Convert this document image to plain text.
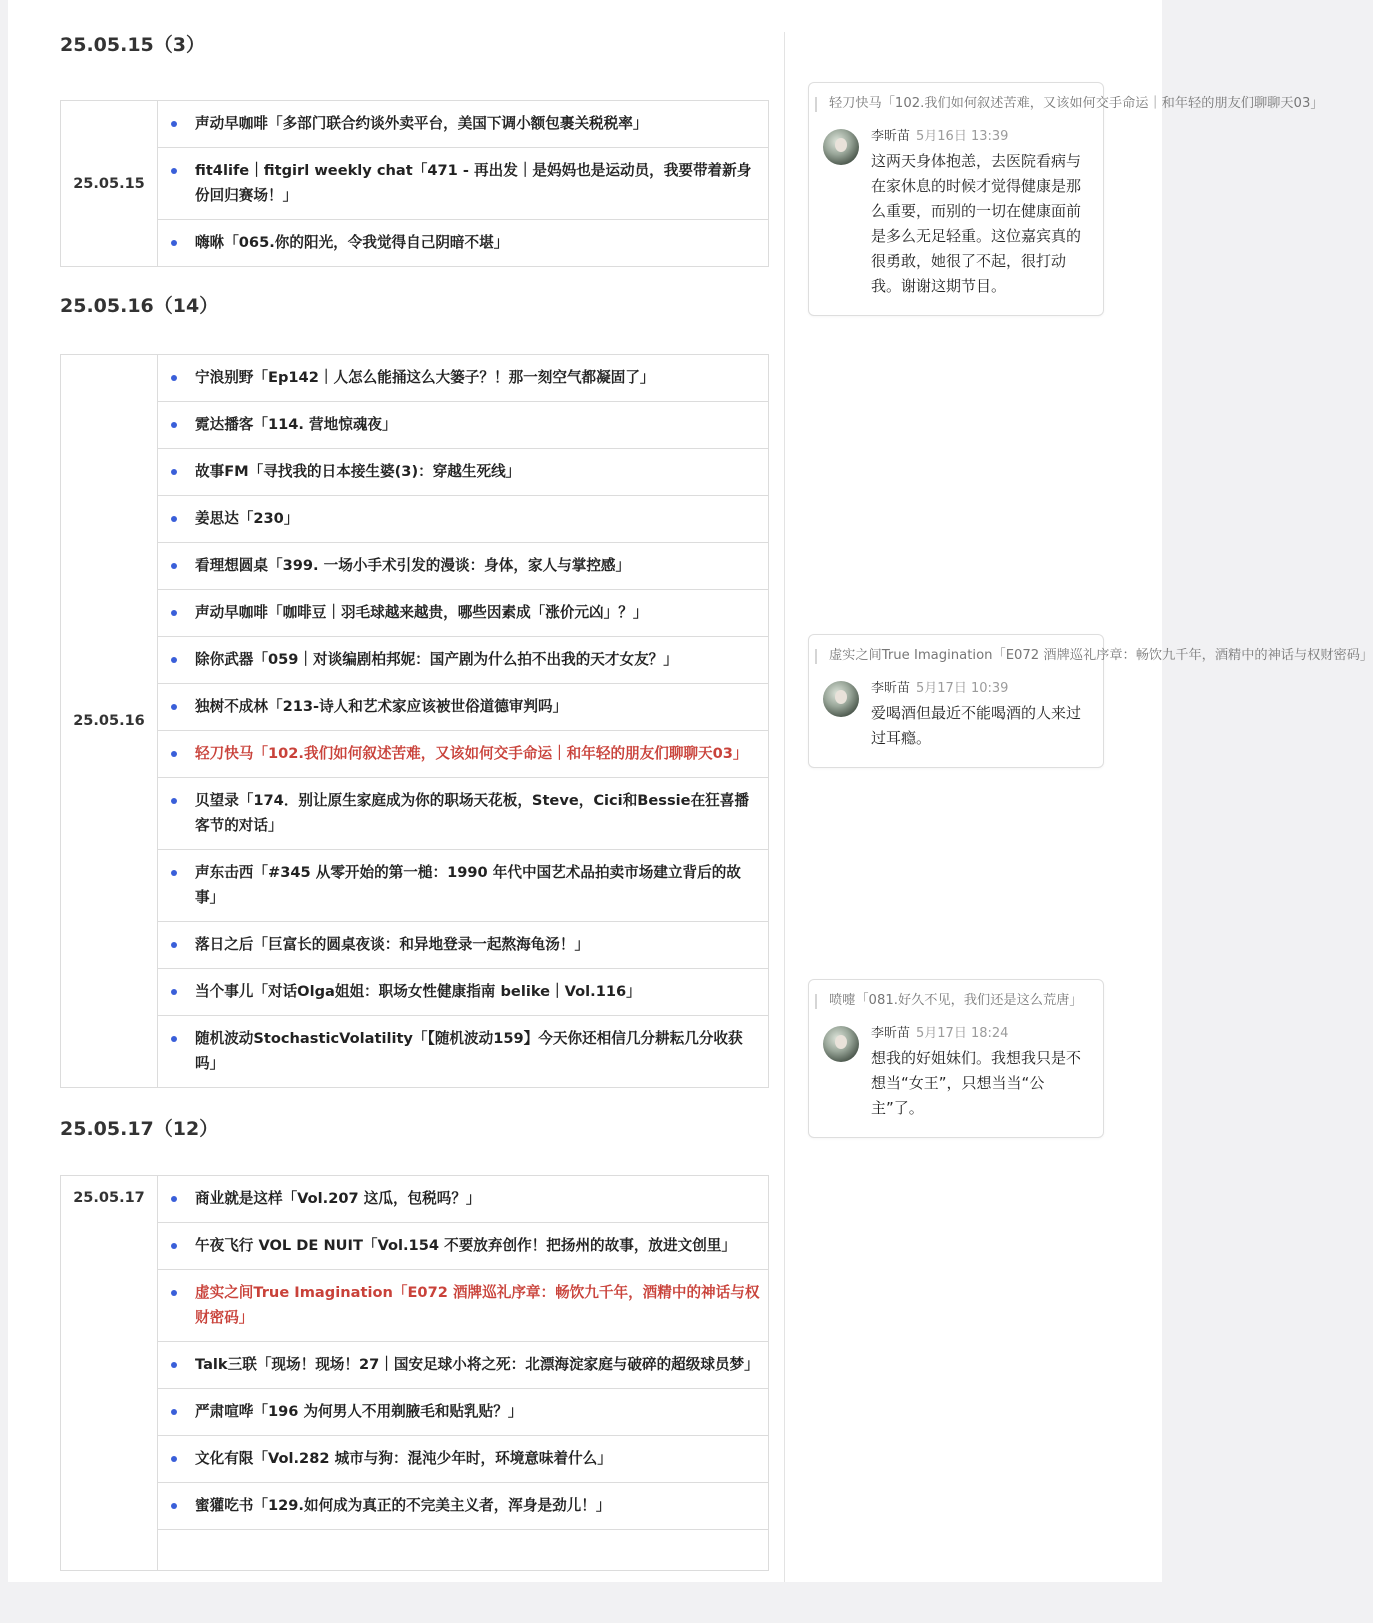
25.05.15（3）
25.05.15	
声动早咖啡「多部门联合约谈外卖平台，美国下调小额包裹关税税率」
fit4life｜fitgirl weekly chat「471 - 再出发｜是妈妈也是运动员，我要带着新身份回归赛场！」
嗨咻「065.你的阳光，令我觉得自己阴暗不堪」
25.05.16（14）
25.05.16	
宁浪别野「Ep142｜人怎么能捅这么大篓子？！那一刻空气都凝固了」
霓达播客「114. 营地惊魂夜」
故事FM「寻找我的日本接生婆(3)：穿越生死线」
姜思达「230」
看理想圆桌「399. 一场小手术引发的漫谈：身体，家人与掌控感」
声动早咖啡「咖啡豆｜羽毛球越来越贵，哪些因素成「涨价元凶」？」
除你武器「059｜对谈编剧柏邦妮：国产剧为什么拍不出我的天才女友？」
独树不成林「213-诗人和艺术家应该被世俗道德审判吗」
轻刀快马「102.我们如何叙述苦难，又该如何交手命运｜和年轻的朋友们聊聊天03」
贝望录「174．别让原生家庭成为你的职场天花板，Steve，Cici和Bessie在狂喜播客节的对话」
声东击西「#345 从零开始的第一槌：1990 年代中国艺术品拍卖市场建立背后的故事」
落日之后「巨富长的圆桌夜谈：和异地登录一起熬海龟汤！」
当个事儿「对话Olga姐姐：职场女性健康指南 belike｜Vol.116」
随机波动StochasticVolatility「【随机波动159】今天你还相信几分耕耘几分收获吗」
25.05.17（12）
25.05.17	商业就是这样「Vol.207 这瓜，包税吗？」
午夜飞行 VOL DE NUIT「Vol.154 不要放弃创作！把扬州的故事，放进文创里」
虚实之间True Imagination「E072 酒牌巡礼序章：畅饮九千年，酒精中的神话与权财密码」
Talk三联「现场！现场！27｜国安足球小将之死：北漂海淀家庭与破碎的超级球员梦」
严肃喧哗「196 为何男人不用剃腋毛和贴乳贴？」
文化有限「Vol.282 城市与狗：混沌少年时，环境意味着什么」
蜜獾吃书「129.如何成为真正的不完美主义者，浑身是劲儿！」
轻刀快马「102.我们如何叙述苦难，又该如何交手命运｜和年轻的朋友们聊聊天03」
李昕苗 5月16日 13:39
这两天身体抱恙，去医院看病与在家休息的时候才觉得健康是那么重要，而别的一切在健康面前是多么无足轻重。这位嘉宾真的很勇敢，她很了不起，很打动我。谢谢这期节目。
虚实之间True Imagination「E072 酒牌巡礼序章：畅饮九千年，酒精中的神话与权财密码」
李昕苗 5月17日 10:39
爱喝酒但最近不能喝酒的人来过过耳瘾。
喷嚏「081.好久不见，我们还是这么荒唐」
李昕苗 5月17日 18:24
想我的好姐妹们。我想我只是不想当“女王”，只想当当“公主”了。
